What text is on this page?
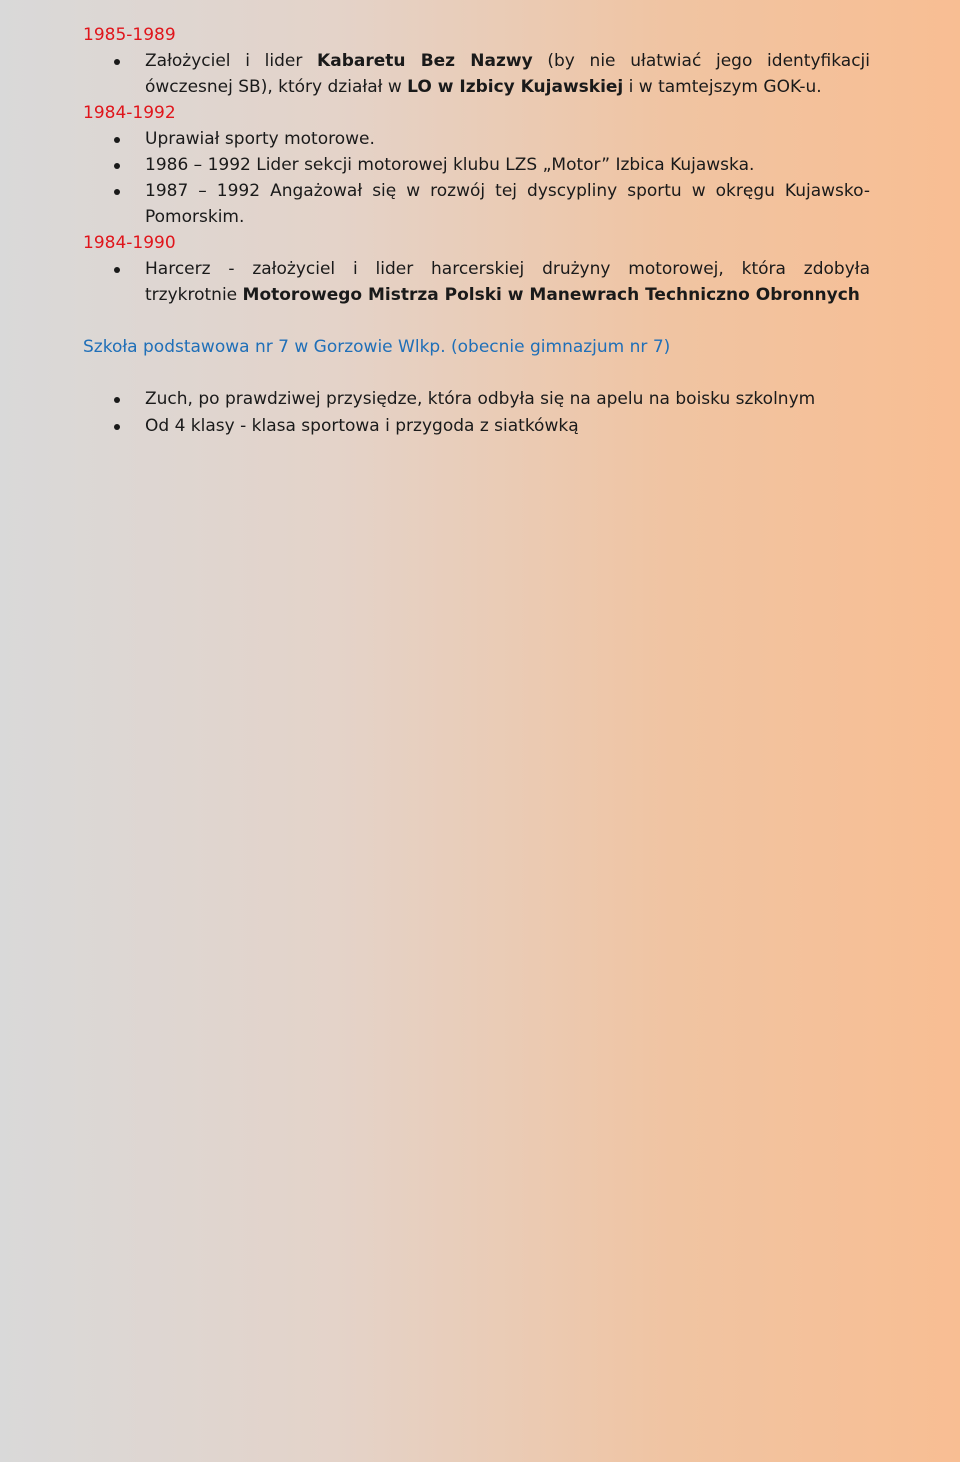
1985-1989
Założyciel i lider Kabaretu Bez Nazwy (by nie ułatwiać jego identyfikacji
ówczesnej SB), który działał w LO w Izbicy Kujawskiej i w tamtejszym GOK-u.
1984-1992
Uprawiał sporty motorowe.
1986 – 1992 Lider sekcji motorowej klubu LZS „Motor” Izbica Kujawska.
1987 – 1992 Angażował się w rozwój tej dyscypliny sportu w okręgu Kujawsko-
Pomorskim.
1984-1990
Harcerz - założyciel i lider harcerskiej drużyny motorowej, która zdobyła
trzykrotnie Motorowego Mistrza Polski w Manewrach Techniczno Obronnych
Szkoła podstawowa nr 7 w Gorzowie Wlkp. (obecnie gimnazjum nr 7)
Zuch, po prawdziwej przysiędze, która odbyła się na apelu na boisku szkolnym
Od 4 klasy - klasa sportowa i przygoda z siatkówką
